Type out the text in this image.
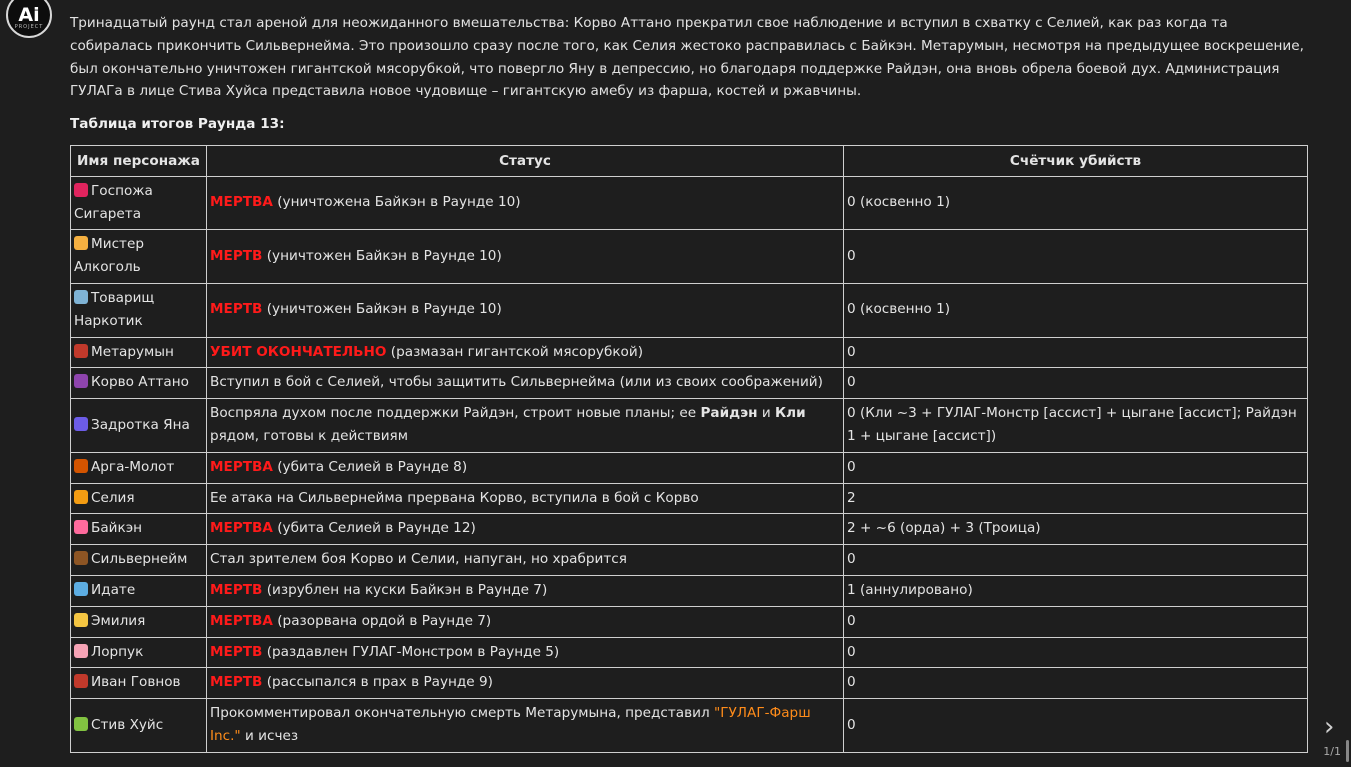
Ai
PROJECT Тринадцатый раунд стал ареной для неожиданного вмешательства: Корво Аттано прекратил свое наблюдение и вступил в схватку с Селией, как раз когда та собиралась прикончить Сильвернейма. Это произошло сразу после того, как Селия жестоко расправилась с Байкэн. Метарумын, несмотря на предыдущее воскрешение, был окончательно уничтожен гигантской мясорубкой, что повергло Яну в депрессию, но благодаря поддержке Райдэн, она вновь обрела боевой дух. Администрация ГУЛАГа в лице Стива Хуйса представила новое чудовище – гигантскую амебу из фарша, костей и ржавчины.

Таблица итогов Раунда 13:

Имя персонажа	Статус	Счётчик убийств
Госпожа Сигарета	МЕРТВА (уничтожена Байкэн в Раунде 10)	0 (косвенно 1)
Мистер Алкоголь	МЕРТВ (уничтожен Байкэн в Раунде 10)	0
Товарищ Наркотик	МЕРТВ (уничтожен Байкэн в Раунде 10)	0 (косвенно 1)
Метарумын	УБИТ ОКОНЧАТЕЛЬНО (размазан гигантской мясорубкой)	0
Корво Аттано	Вступил в бой с Селией, чтобы защитить Сильвернейма (или из своих соображений)	0
Задротка Яна	Воспряла духом после поддержки Райдэн, строит новые планы; ее Райдэн и Кли рядом, готовы к действиям	0 (Кли ~3 + ГУЛАГ-Монстр [ассист] + цыгане [ассист]; Райдэн 1 + цыгане [ассист])
Арга-Молот	МЕРТВА (убита Селией в Раунде 8)	0
Селия	Ее атака на Сильвернейма прервана Корво, вступила в бой с Корво	2
Байкэн	МЕРТВА (убита Селией в Раунде 12)	2 + ~6 (орда) + 3 (Троица)
Сильвернейм	Стал зрителем боя Корво и Селии, напуган, но храбрится	0
Идате	МЕРТВ (изрублен на куски Байкэн в Раунде 7)	1 (аннулировано)
Эмилия	МЕРТВА (разорвана ордой в Раунде 7)	0
Лорпук	МЕРТВ (раздавлен ГУЛАГ-Монстром в Раунде 5)	0
Иван Говнов	МЕРТВ (рассыпался в прах в Раунде 9)	0
Стив Хуйс	Прокомментировал окончательную смерть Метарумына, представил "ГУЛАГ-Фарш Inc." и исчез	0	›
1/1
